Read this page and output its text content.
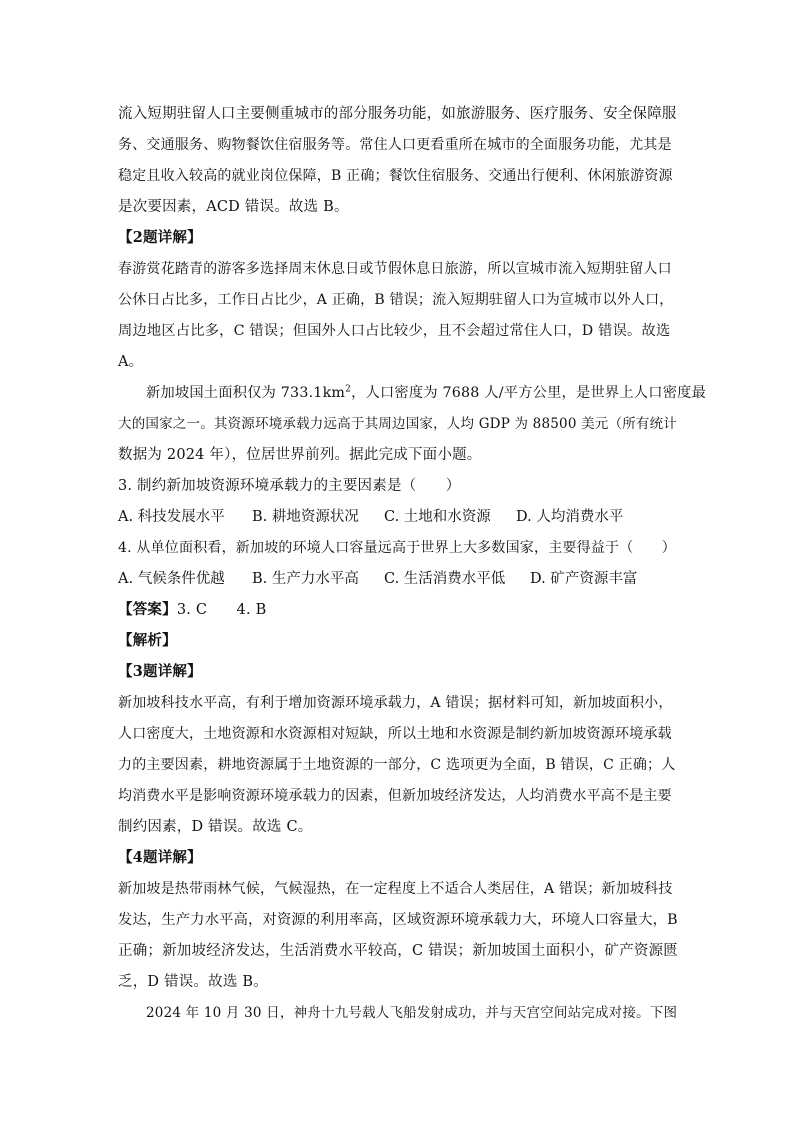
流入短期驻留人口主要侧重城市的部分服务功能，如旅游服务、医疗服务、安全保障服
务、交通服务、购物餐饮住宿服务等。常住人口更看重所在城市的全面服务功能，尤其是
稳定且收入较高的就业岗位保障，B 正确；餐饮住宿服务、交通出行便利、休闲旅游资源
是次要因素，ACD 错误。故选 B。
【2题详解】
春游赏花踏青的游客多选择周末休息日或节假休息日旅游，所以宣城市流入短期驻留人口
公休日占比多，工作日占比少，A 正确，B 错误；流入短期驻留人口为宣城市以外人口，
周边地区占比多，C 错误；但国外人口占比较少，且不会超过常住人口，D 错误。故选
A。
新加坡国土面积仅为 $733.1km^2$，人口密度为 7688 人/平方公里，是世界上人口密度最
大的国家之一。其资源环境承载力远高于其周边国家，人均 GDP 为 88500 美元（所有统计
数据为 2024 年），位居世界前列。据此完成下面小题。
3. 制约新加坡资源环境承载力的主要因素是（　　）
A. 科技发展水平 B. 耕地资源状况 C. 土地和水资源 D. 人均消费水平
4. 从单位面积看，新加坡的环境人口容量远高于世界上大多数国家，主要得益于（　　）
A. 气候条件优越 B. 生产力水平高 C. 生活消费水平低 D. 矿产资源丰富
【答案】3. C　　4. B
【解析】
【3题详解】
新加坡科技水平高，有利于增加资源环境承载力，A 错误；据材料可知，新加坡面积小，
人口密度大，土地资源和水资源相对短缺，所以土地和水资源是制约新加坡资源环境承载
力的主要因素，耕地资源属于土地资源的一部分，C 选项更为全面，B 错误，C 正确；人
均消费水平是影响资源环境承载力的因素，但新加坡经济发达，人均消费水平高不是主要
制约因素，D 错误。故选 C。
【4题详解】
新加坡是热带雨林气候，气候湿热，在一定程度上不适合人类居住，A 错误；新加坡科技
发达，生产力水平高，对资源的利用率高，区域资源环境承载力大，环境人口容量大，B
正确；新加坡经济发达，生活消费水平较高，C 错误；新加坡国土面积小，矿产资源匮
乏，D 错误。故选 B。
2024 年 10 月 30 日，神舟十九号载人飞船发射成功，并与天宫空间站完成对接。下图
